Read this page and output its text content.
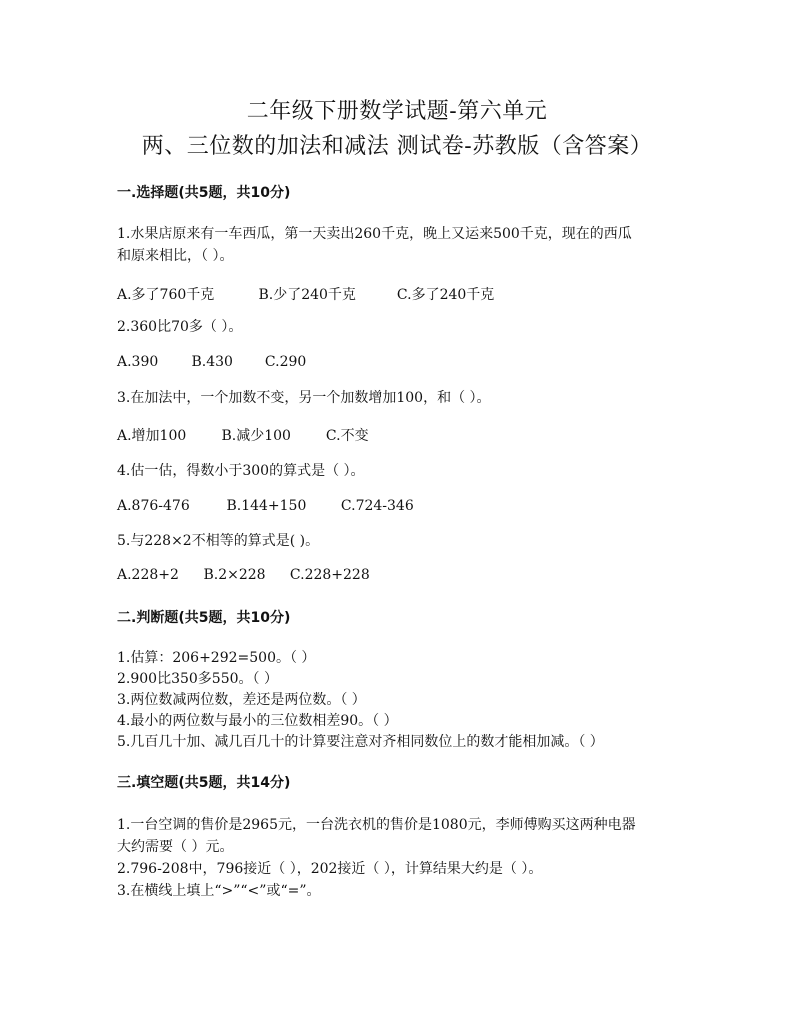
二年级下册数学试题-第六单元
两、三位数的加法和减法 测试卷-苏教版（含答案）
一.选择题(共5题，共10分)
1.水果店原来有一车西瓜，第一天卖出260千克，晚上又运来500千克，现在的西瓜
和原来相比，（ ）。
A.多了760千克	B.少了240千克	C.多了240千克
2.360比70多（ ）。
A.390 B.430 C.290
3.在加法中，一个加数不变，另一个加数增加100，和（ ）。
A.增加100	B.减少100 C.不变
4.估一估，得数小于300的算式是（ ）。
A.876-476	B.144+150 C.724-346
5.与228×2不相等的算式是( )。
A.228+2 B.2×228 C.228+228
二.判断题(共5题，共10分)
1.估算：206+292=500。（ ）
2.900比350多550。（ ）
3.两位数减两位数，差还是两位数。（ ）
4.最小的两位数与最小的三位数相差90。（ ）
5.几百几十加、减几百几十的计算要注意对齐相同数位上的数才能相加减。（ ）
三.填空题(共5题，共14分)
1.一台空调的售价是2965元，一台洗衣机的售价是1080元，李师傅购买这两种电器
大约需要（ ）元。
2.796-208中，796接近（ ），202接近（ ），计算结果大约是（ ）。
3.在横线上填上“>”“<”或“=”。
